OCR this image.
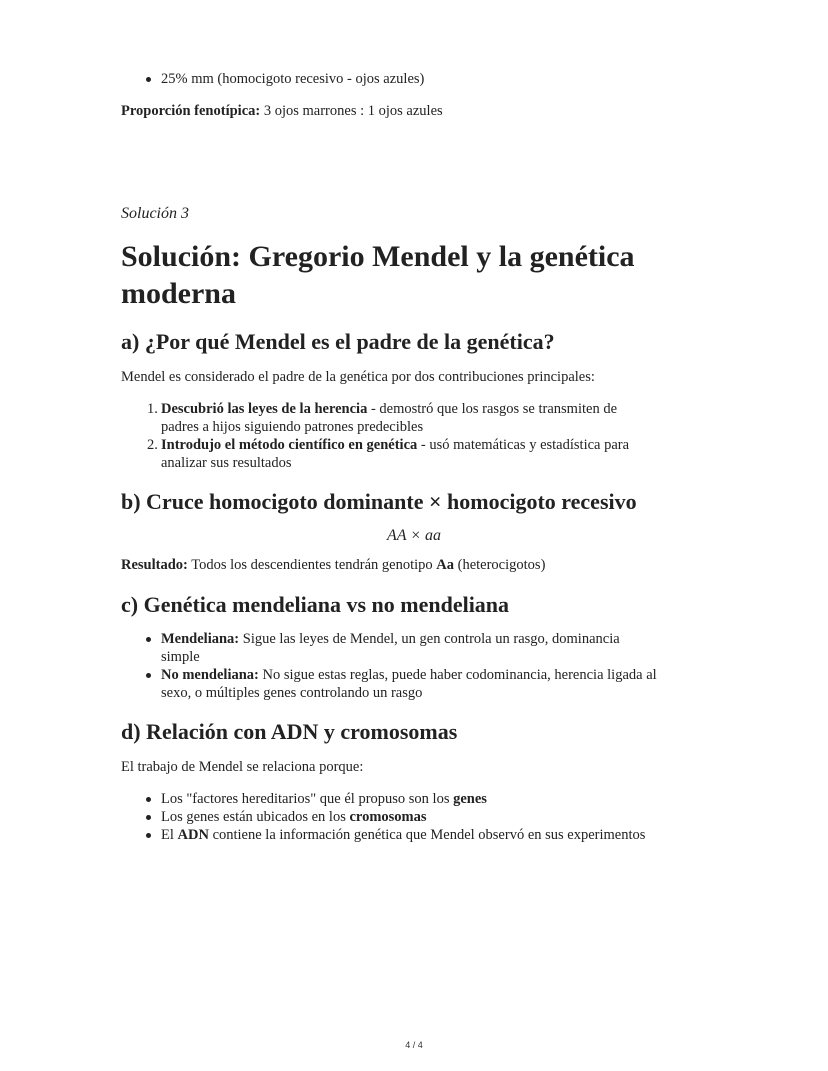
25% mm (homocigoto recesivo - ojos azules)
Proporción fenotípica: 3 ojos marrones : 1 ojos azules
Solución 3
Solución: Gregorio Mendel y la genética
moderna
a) ¿Por qué Mendel es el padre de la genética?
Mendel es considerado el padre de la genética por dos contribuciones principales:
1. Descubrió las leyes de la herencia - demostró que los rasgos se transmiten de
padres a hijos siguiendo patrones predecibles
2. Introdujo el método científico en genética - usó matemáticas y estadística para
analizar sus resultados
b) Cruce homocigoto dominante × homocigoto recesivo
AA × aa
Resultado: Todos los descendientes tendrán genotipo Aa (heterocigotos)
c) Genética mendeliana vs no mendeliana
Mendeliana: Sigue las leyes de Mendel, un gen controla un rasgo, dominancia
simple
No mendeliana: No sigue estas reglas, puede haber codominancia, herencia ligada al
sexo, o múltiples genes controlando un rasgo
d) Relación con ADN y cromosomas
El trabajo de Mendel se relaciona porque:
Los "factores hereditarios" que él propuso son los genes
Los genes están ubicados en los cromosomas
El ADN contiene la información genética que Mendel observó en sus experimentos
4 / 4
